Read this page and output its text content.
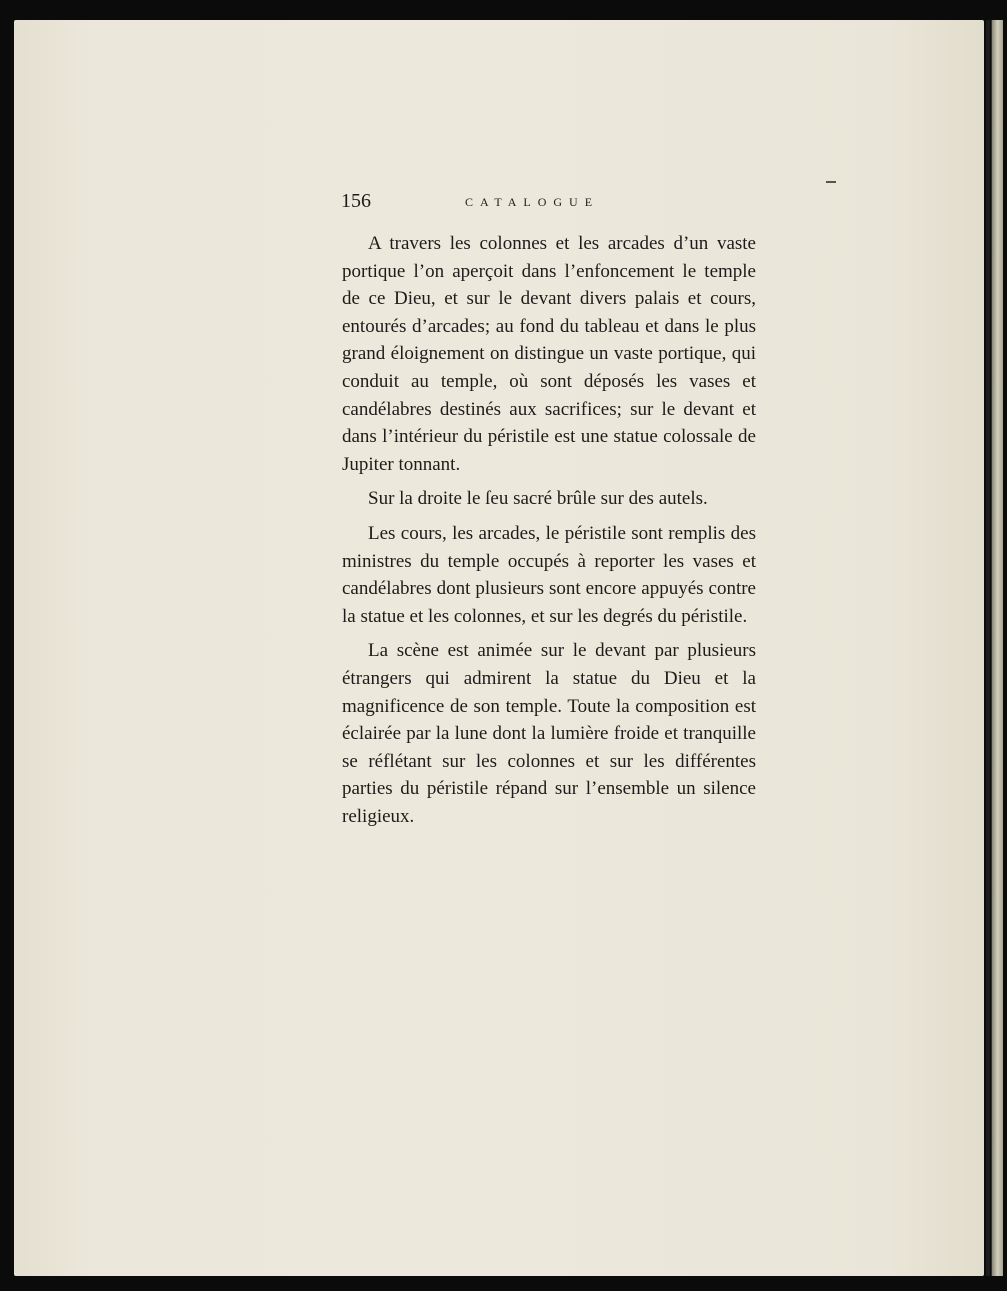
156	CATALOGUE

A travers les colonnes et les arcades d’un vaste portique l’on aperçoit dans l’enfoncement le temple de ce Dieu, et sur le devant divers palais et cours, entourés d’arcades; au fond du tableau et dans le plus grand éloignement on distingue un vaste portique, qui conduit au temple, où sont déposés les vases et candélabres destinés aux sacrifices; sur le devant et dans l’intérieur du péristile est une statue colossale de Jupiter tonnant.

Sur la droite le ſeu sacré brûle sur des autels.

Les cours, les arcades, le péristile sont remplis des ministres du temple occupés à reporter les vases et candélabres dont plusieurs sont encore appuyés contre la statue et les colonnes, et sur les degrés du péristile.

La scène est animée sur le devant par plusieurs étrangers qui admirent la statue du Dieu et la magnificence de son temple. Toute la composition est éclairée par la lune dont la lumière froide et tranquille se réflétant sur les colonnes et sur les différentes parties du péristile répand sur l’ensemble un silence religieux.
